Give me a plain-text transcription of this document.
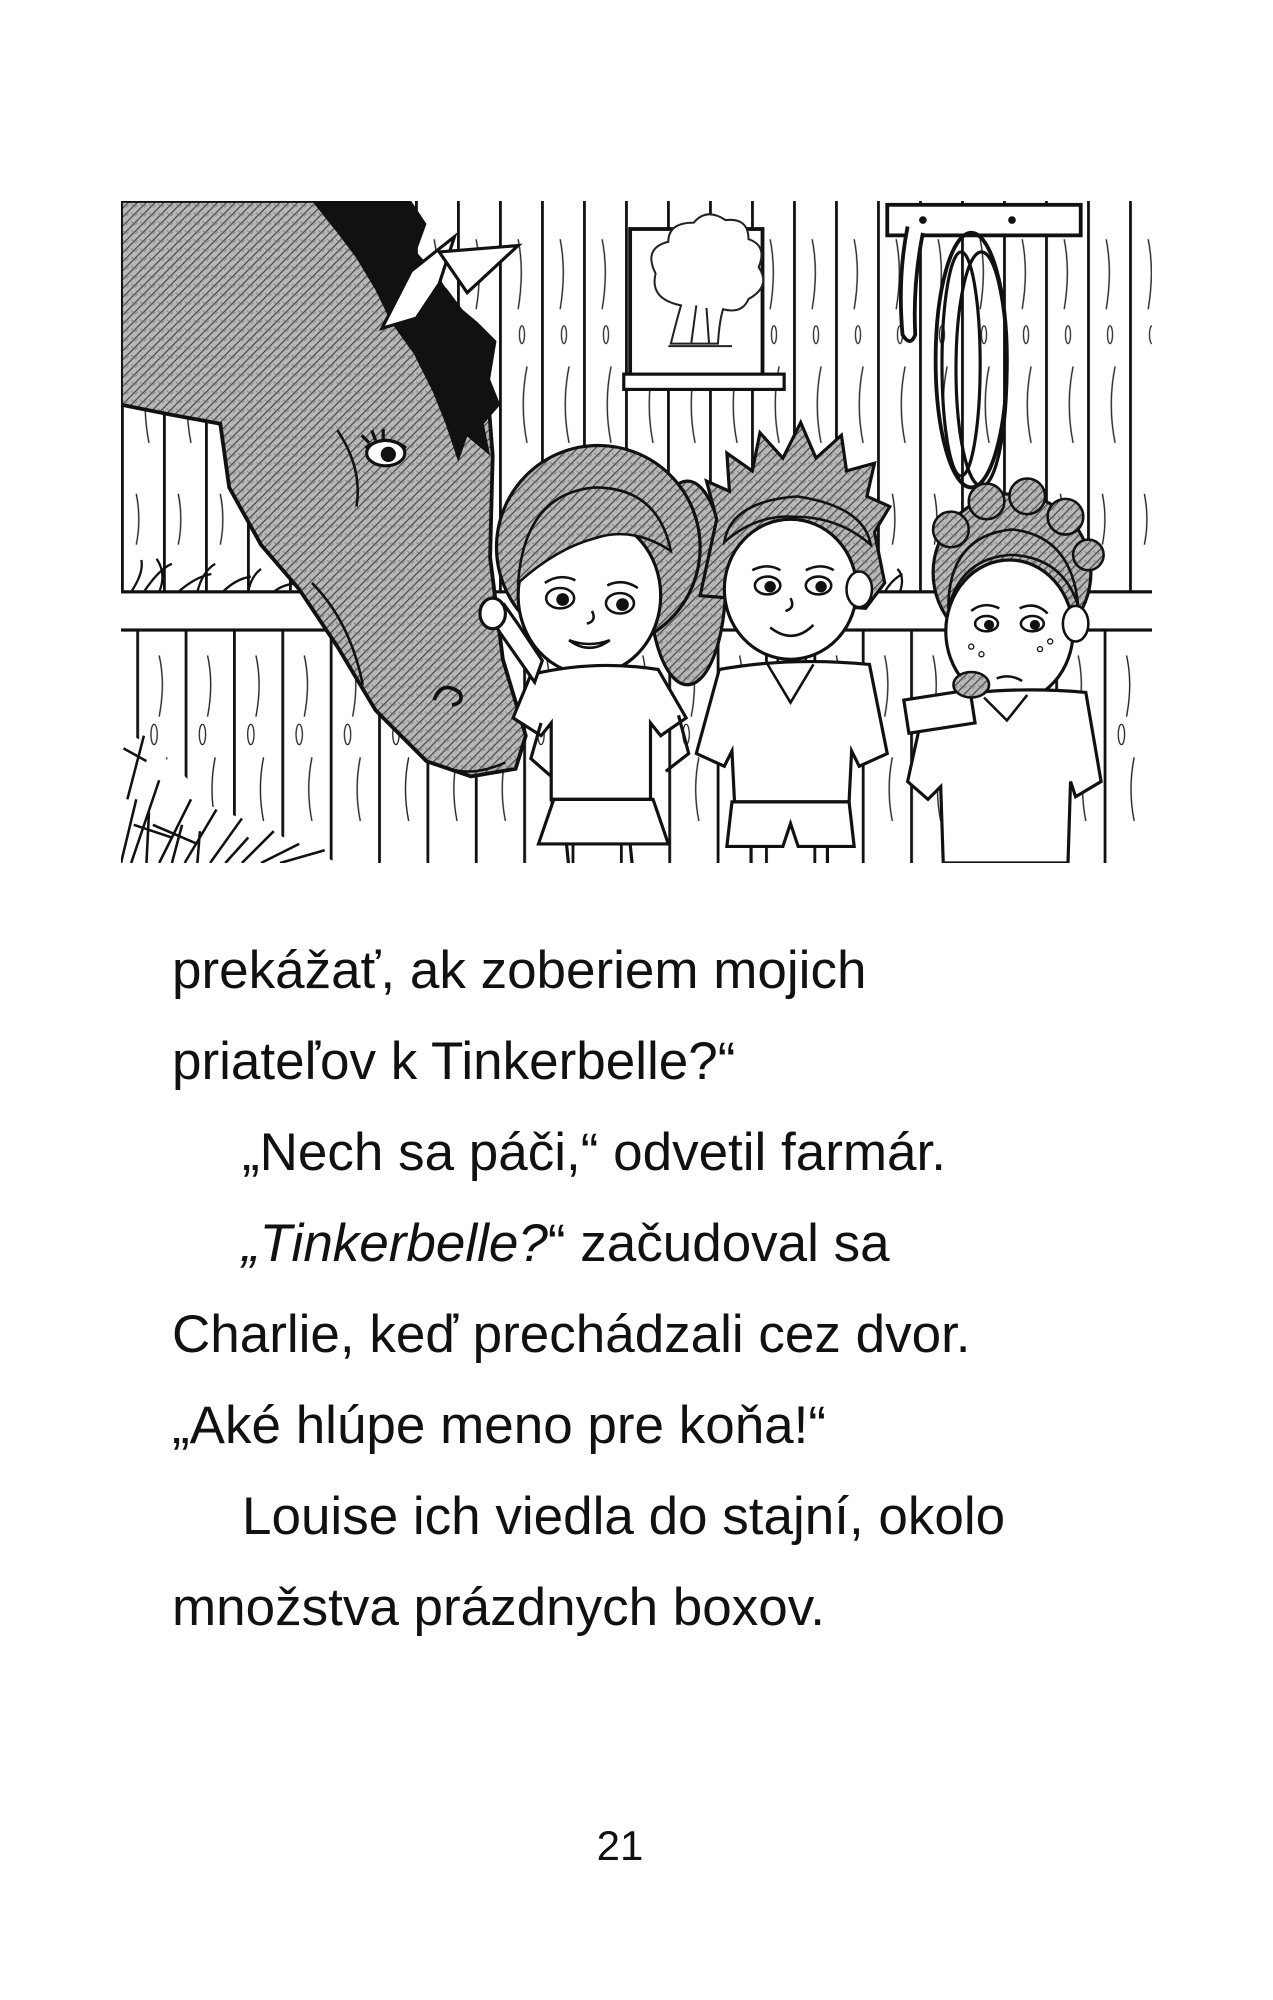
prekážať, ak zoberiem mojich
priateľov k Tinkerbelle?“
„Nech sa páči,“ odvetil farmár.
„Tinkerbelle?“ začudoval sa
Charlie, keď prechádzali cez dvor.
„Aké hlúpe meno pre koňa!“
Louise ich viedla do stajní, okolo
množstva prázdnych boxov.
21
